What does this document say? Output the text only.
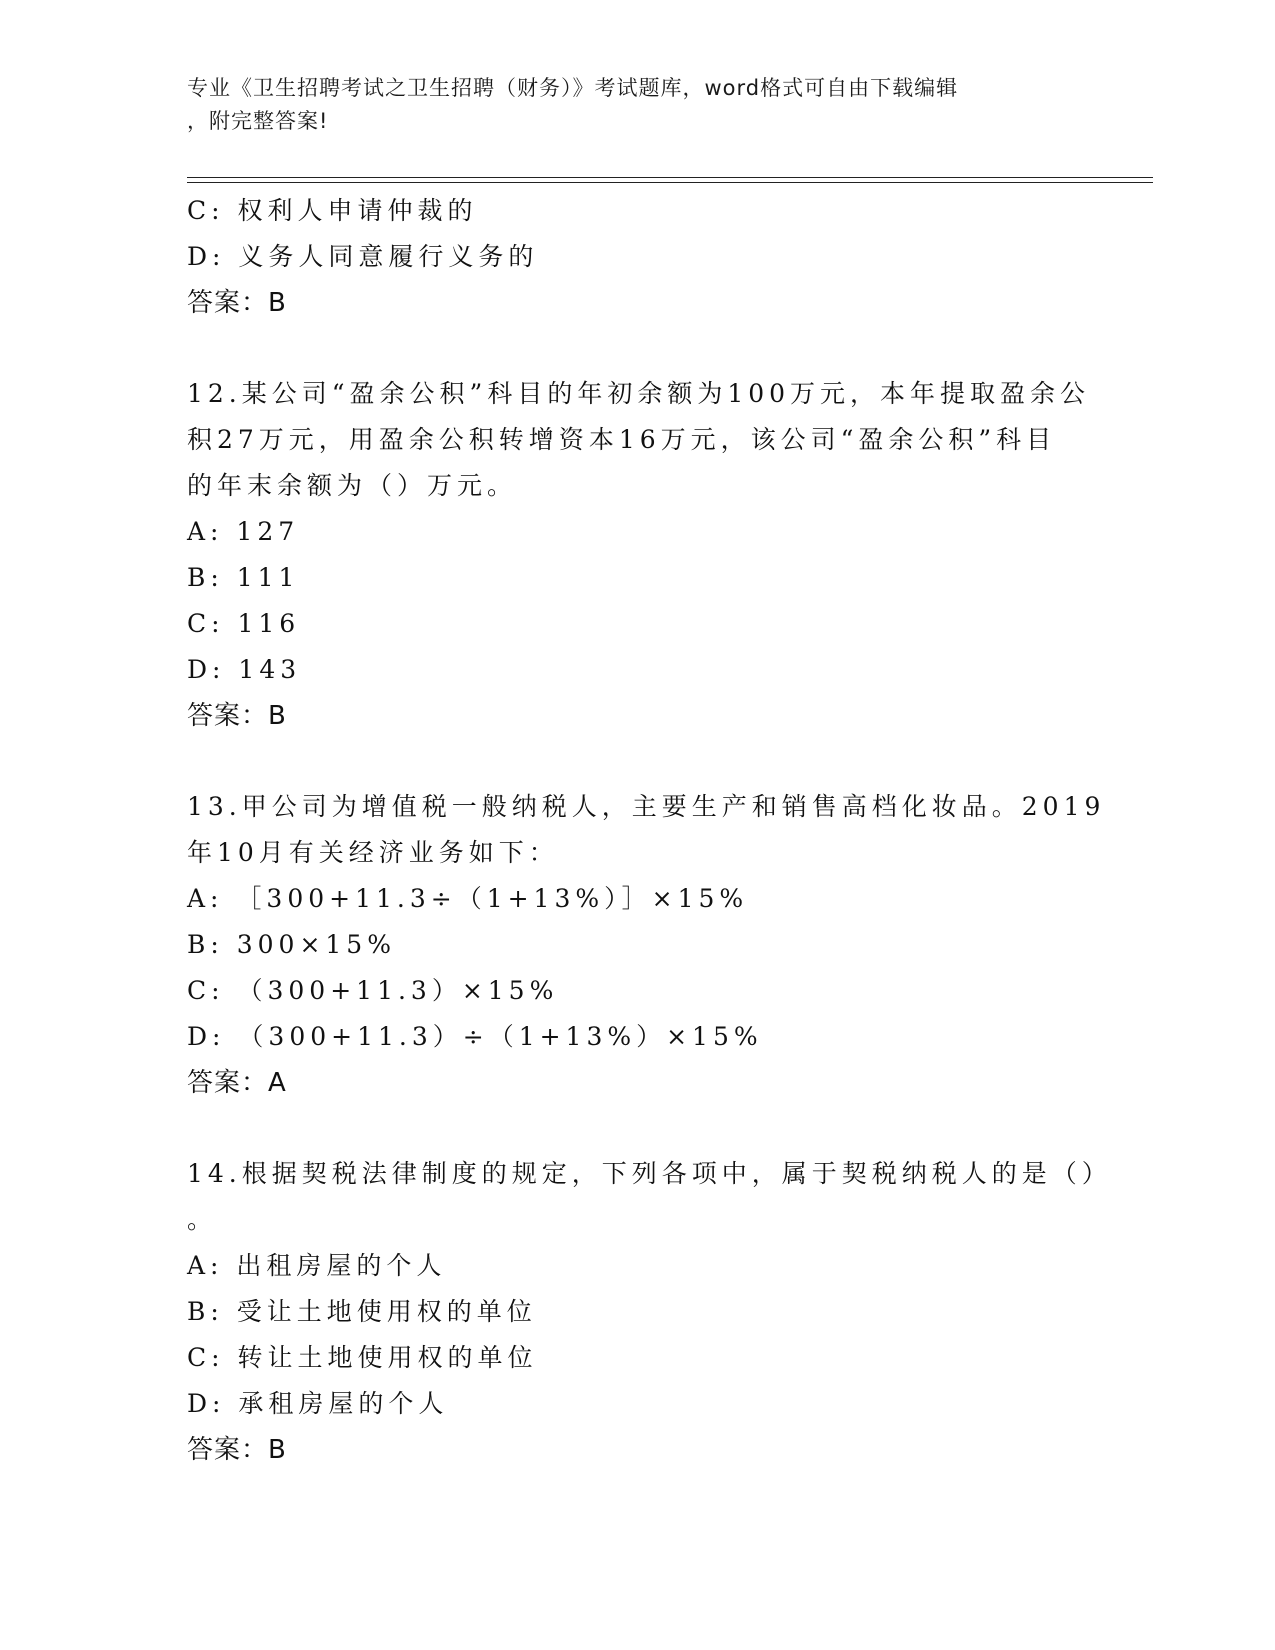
专业《卫生招聘考试之卫生招聘（财务）》考试题库，word格式可自由下载编辑
，附完整答案!
C: 权利人申请仲裁的
D: 义务人同意履行义务的
答案：B
12.某公司“盈余公积”科目的年初余额为100万元，本年提取盈余公
积27万元，用盈余公积转增资本16万元，该公司“盈余公积”科目
的年末余额为（）万元。
A: 127
B: 111
C: 116
D: 143
答案：B
13.甲公司为增值税一般纳税人，主要生产和销售高档化妆品。2019
年10月有关经济业务如下：
A: ［300+11.3÷（1+13%）］×15%
B: 300×15%
C: （300+11.3）×15%
D: （300+11.3）÷（1+13%）×15%
答案：A
14.根据契税法律制度的规定，下列各项中，属于契税纳税人的是（）
。
A: 出租房屋的个人
B: 受让土地使用权的单位
C: 转让土地使用权的单位
D: 承租房屋的个人
答案：B
